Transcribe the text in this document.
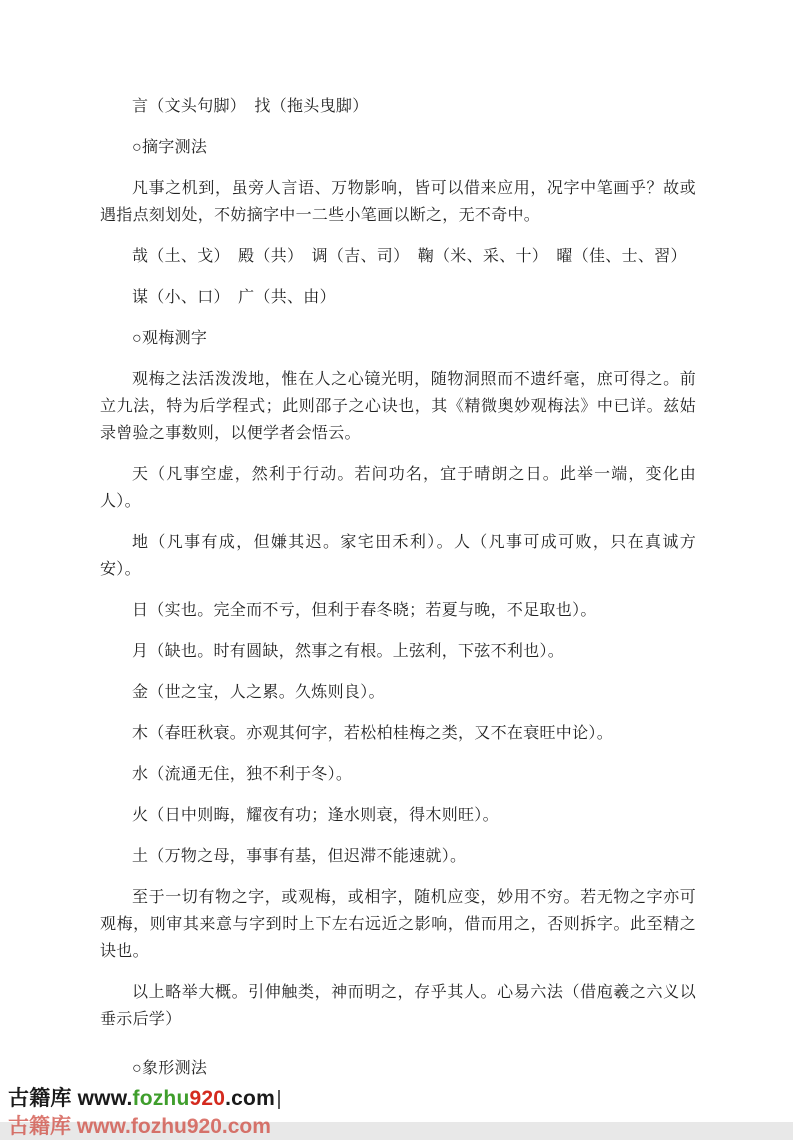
言（文头句脚）　找（拖头曳脚）

○摘字测法

凡事之机到，虽旁人言语、万物影响，皆可以借来应用，况字中笔画乎？故或遇指点刻划处，不妨摘字中一二些小笔画以断之，无不奇中。

哉（土、戈）　殿（共）　调（吉、司）　鞠（米、采、十）　曜（佳、士、習）

谋（小、口）　广（共、由）

○观梅测字

观梅之法活泼泼地，惟在人之心镜光明，随物洞照而不遗纤毫，庶可得之。前立九法，特为后学程式；此则邵子之心诀也，其《精微奥妙观梅法》中已详。兹姑录曾验之事数则，以便学者会悟云。

天（凡事空虚，然利于行动。若问功名，宜于晴朗之日。此举一端，变化由人）。

地（凡事有成，但嫌其迟。家宅田禾利）。人（凡事可成可败，只在真诚方安）。

日（实也。完全而不亏，但利于春冬晓；若夏与晚，不足取也）。

月（缺也。时有圆缺，然事之有根。上弦利，下弦不利也）。

金（世之宝，人之累。久炼则良）。

木（春旺秋衰。亦观其何字，若松柏桂梅之类，又不在衰旺中论）。

水（流通无住，独不利于冬）。

火（日中则晦，耀夜有功；逢水则衰，得木则旺）。

土（万物之母，事事有基，但迟滞不能速就）。

至于一切有物之字，或观梅，或相字，随机应变，妙用不穷。若无物之字亦可观梅，则审其来意与字到时上下左右远近之影响，借而用之，否则拆字。此至精之诀也。

以上略举大概。引伸触类，神而明之，存乎其人。心易六法（借庖羲之六义以垂示后学）

○象形测法

古籍库 www.fozhu920.com
古籍库 www.fozhu920.com
